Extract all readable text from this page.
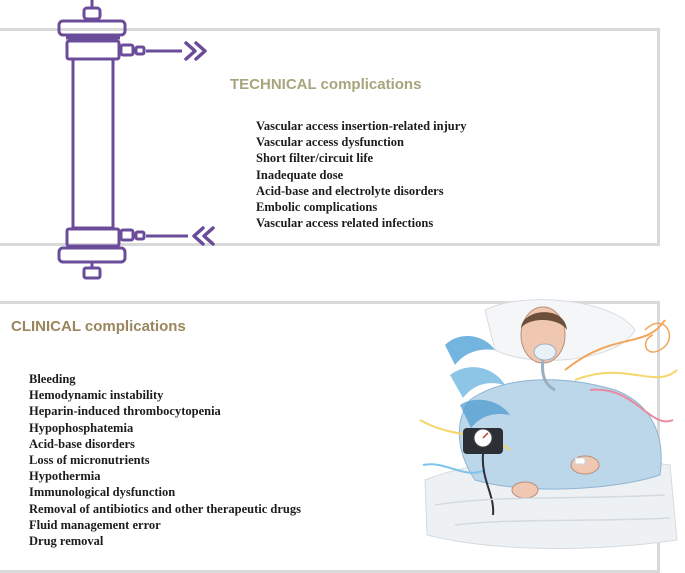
TECHNICAL complications
Vascular access insertion-related injury
Vascular access dysfunction
Short filter/circuit life
Inadequate dose
Acid-base and electrolyte disorders
Embolic complications
Vascular access related infections
CLINICAL complications
Bleeding
Hemodynamic instability
Heparin-induced thrombocytopenia
Hypophosphatemia
Acid-base disorders
Loss of micronutrients
Hypothermia
Immunological dysfunction
Removal of antibiotics and other therapeutic drugs
Fluid management error
Drug removal
